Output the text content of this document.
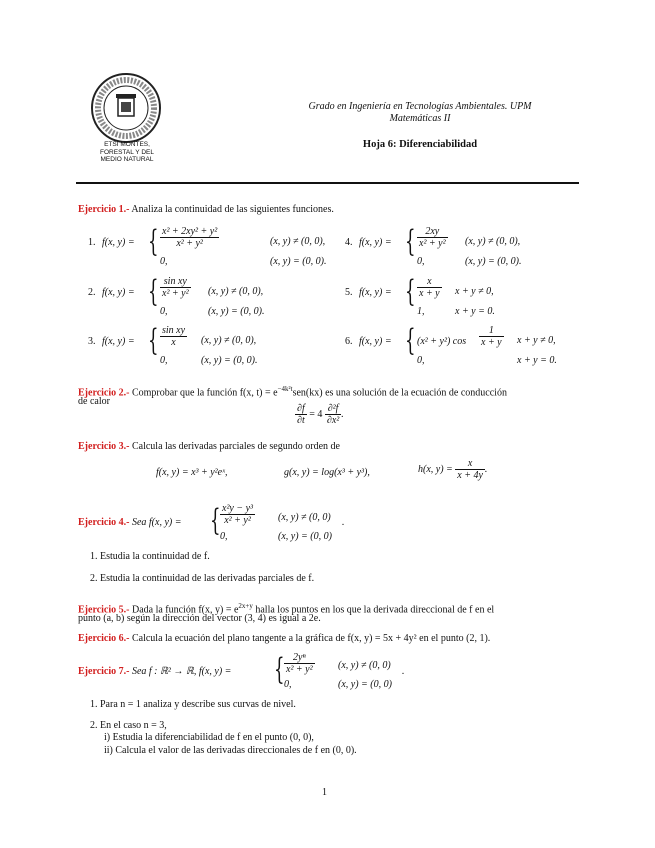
ETSI MONTES,
FORESTAL Y DEL
MEDIO NATURAL
Grado en Ingeniería en Tecnologías Ambientales. UPM
Matemáticas II
Hoja 6: Diferenciabilidad
Ejercicio 1.- Analiza la continuidad de las siguientes funciones.
1. f(x, y) = { $\frac{\text{x² + 2xy² + y²}}{\text{x² + y²}}$	(x, y) ≠ (0, 0),
0,	(x, y) = (0, 0).
2. f(x, y) = { $\frac{\text{sin xy}}{\text{x² + y²}} (x$, y) ≠ (0, 0),
0,	(x, y) = (0, 0).
3. f(x, y) = { $\frac{\text{sin xy}}{x} (x$, y) ≠ (0, 0),
0,	(x, y) = (0, 0).
4. f(x, y) = { $\frac{2xy}{\text{x² + y²}} (x$, y) ≠ (0, 0),
0,	(x, y) = (0, 0).
5. f(x, y) = { $\frac{x}{x + y}$ x + y ≠ 0,
1,	x + y = 0.
6. f(x, y) = { (x² + y²) $\cos \frac{1}{x + y}$ x + y ≠ 0,
0,	x + y = 0.
Ejercicio 2.- Comprobar que la función f(x, $t) = e^{-4k^2t}sen(kx)$ es una solución de la ecuación de conducción
de calor
$\frac{\partial f}{\partial t} = 4 \frac{\text{∂²f}}{\text{∂x²}}$ .
Ejercicio 3.- Calcula las derivadas parciales de segundo orden de
f(x, y) = x³ + y²eˣ,	g(x, y) = log(x³ + y³),	h(x, $y) = \frac{x}{x + 4y}$ .
Ejercicio 4.- Sea f(x, y) = { $\frac{\text{x²y − y³}}{\text{x² + y²}} (x$, y) ≠ (0, 0)
0,	(x, y) = (0, 0)
.
1. Estudia la continuidad de f.
2. Estudia la continuidad de las derivadas parciales de f.
Ejercicio 5.- Dada la función f(x, $y) = e^{2x+y}$ halla los puntos en los que la derivada direccional de f en el
punto (a, b) según la dirección del vector (3, 4) es igual a 2e.
Ejercicio 6.- Calcula la ecuación del plano tangente a la gráfica de f(x, y) = 5x + 4y² en el punto (2, 1).
Ejercicio 7.- Sea f : ℝ² → ℝ, f(x, y) = { $\frac{\text{2yⁿ}}{\text{x² + y²}} (x$, y) ≠ (0, 0)
0,	(x, y) = (0, 0)
.
1. Para n = 1 analiza y describe sus curvas de nivel.
2. En el caso n = 3,
i) Estudia la diferenciabilidad de f en el punto (0, 0),
ii) Calcula el valor de las derivadas direccionales de f en (0, 0).
1
